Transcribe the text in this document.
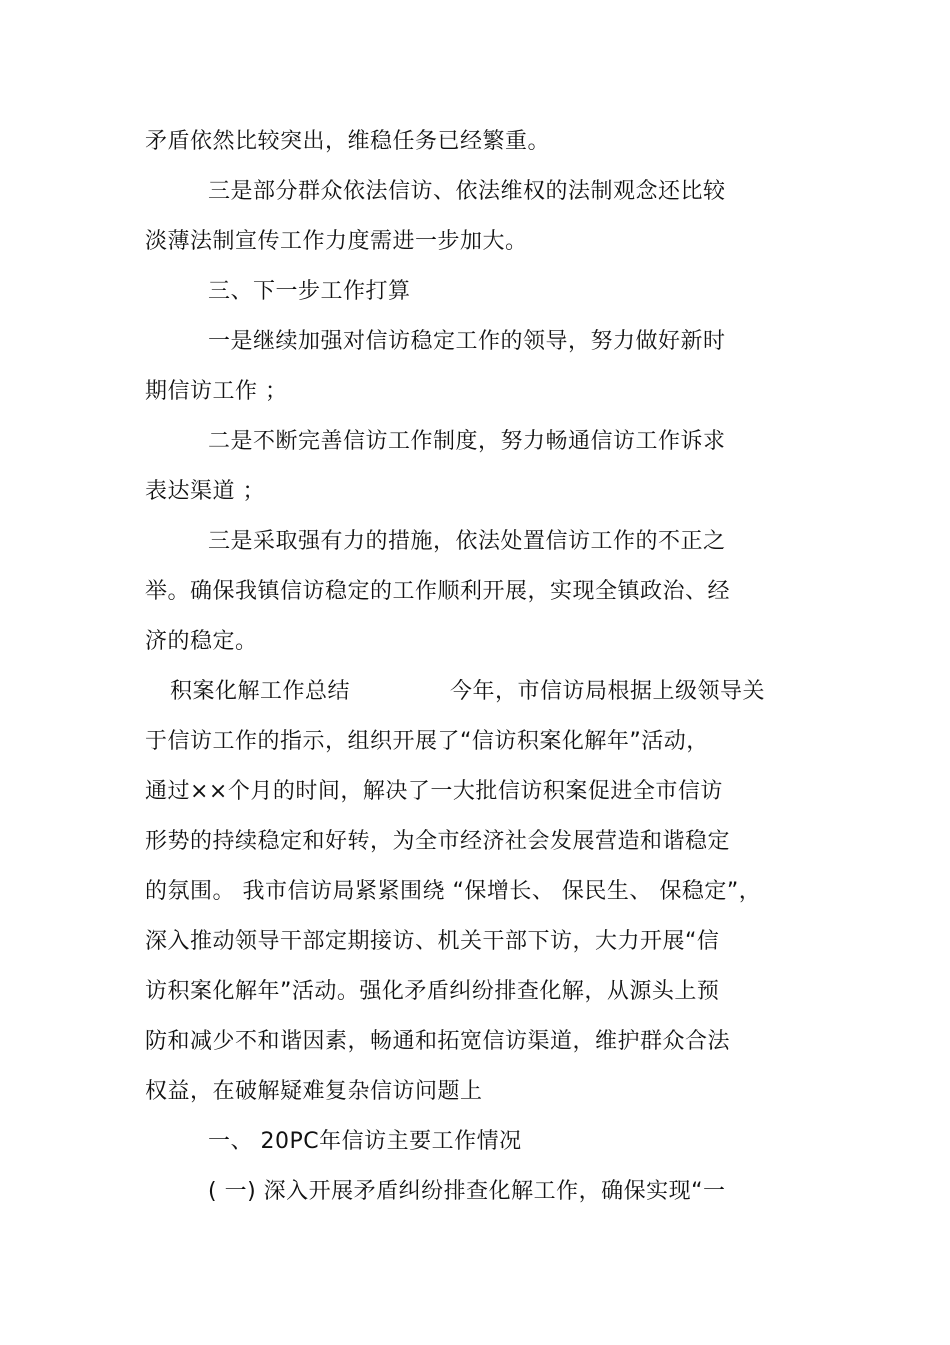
矛盾依然比较突出，维稳任务已经繁重。
三是部分群众依法信访、依法维权的法制观念还比较
淡薄法制宣传工作力度需进一步加大。
三、下一步工作打算
一是继续加强对信访稳定工作的领导，努力做好新时
期信访工作 ；
二是不断完善信访工作制度，努力畅通信访工作诉求
表达渠道 ；
三是采取强有力的措施，依法处置信访工作的不正之
举。确保我镇信访稳定的工作顺利开展，实现全镇政治、经
济的稳定。
积案化解工作总结	今年，市信访局根据上级领导关
于信访工作的指示，组织开展了“信访积案化解年”活动，
通过××个月的时间，解决了一大批信访积案促进全市信访
形势的持续稳定和好转，为全市经济社会发展营造和谐稳定
的氛围。 我市信访局紧紧围绕 “保增长、 保民生、 保稳定”，
深入推动领导干部定期接访、机关干部下访，大力开展“信
访积案化解年”活动。强化矛盾纠纷排查化解，从源头上预
防和减少不和谐因素，畅通和拓宽信访渠道，维护群众合法
权益，在破解疑难复杂信访问题上
一、 20PC年信访主要工作情况
( 一) 深入开展矛盾纠纷排查化解工作，确保实现“一
